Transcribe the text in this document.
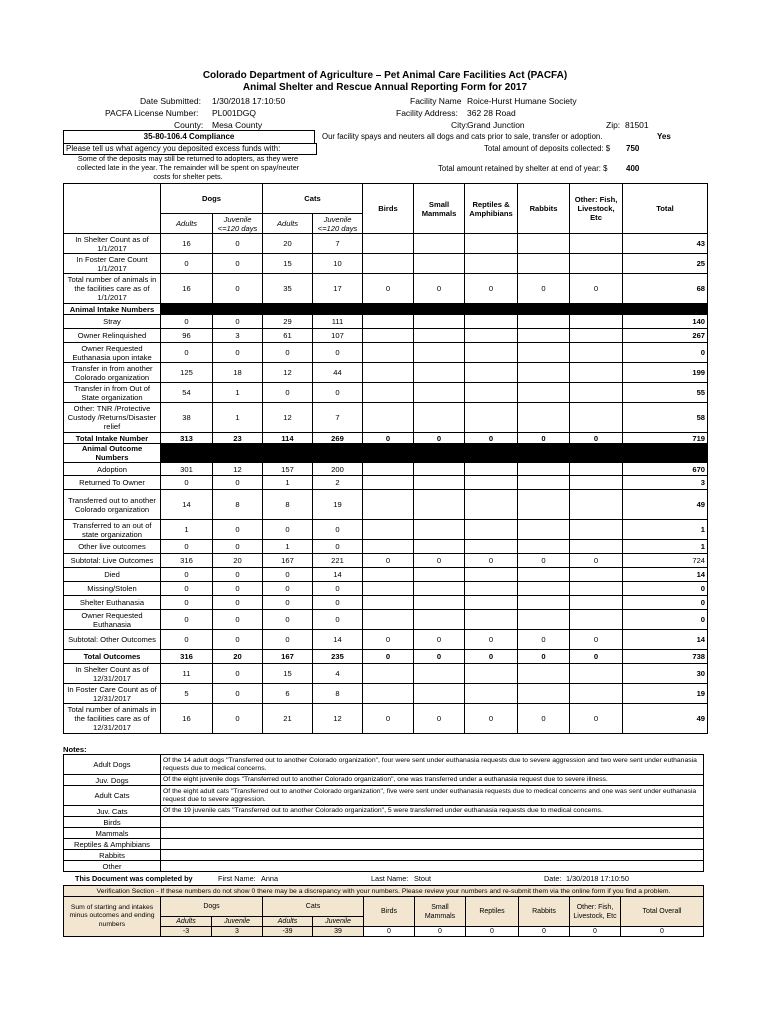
Colorado Department of Agriculture – Pet Animal Care Facilities Act (PACFA)
Animal Shelter and Rescue Annual Reporting Form for 2017
Date Submitted: 1/30/2018 17:10:50
PACFA License Number: PL001DGQ
County: Mesa County
Facility Name Roice-Hurst Humane Society
Facility Address: 362 28 Road
City: Grand Junction	Zip: 81501
35-80-106.4 Compliance
Please tell us what agency you deposited excess funds with:
Some of the deposits may still be returned to adopters, as they were collected late in the year. The remainder will be spent on spay/neuter costs for shelter pets.
Our facility spays and neuters all dogs and cats prior to sale, transfer or adoption.	Yes
Total amount of deposits collected: $ 750
Total amount retained by shelter at end of year: $ 400
	Dogs		Cats		Birds	Small Mammals	Reptiles & Amphibians	Rabbits	Other: Fish, Livestock, Etc	Total
	Adults	Juvenile <=120 days	Adults	Juvenile <=120 days						
In Shelter Count as of 1/1/2017	16	0	20	7						43
In Foster Care Count 1/1/2017	0	0	15	10						25
Total number of animals in the facilities care as of 1/1/2017	16	0	35	17	0	0	0	0	0	68
Animal Intake Numbers										
Stray	0	0	29	111						140
Owner Relinquished	96	3	61	107						267
Owner Requested Euthanasia upon intake	0	0	0	0						0
Transfer in from another Colorado organization	125	18	12	44						199
Transfer in from Out of State organization	54	1	0	0						55
Other: TNR /Protective Custody /Returns/Disaster relief	38	1	12	7						58
Total Intake Number	313	23	114	269	0	0	0	0	0	719
Animal Outcome Numbers										
Adoption	301	12	157	200						670
Returned To Owner	0	0	1	2						3
Transferred out to another Colorado organization	14	8	8	19						49
Transferred to an out of state organization	1	0	0	0						1
Other live outcomes	0	0	1	0						1
Subtotal: Live Outcomes	316	20	167	221	0	0	0	0	0	724
Died	0	0	0	14						14
Missing/Stolen	0	0	0	0						0
Shelter Euthanasia	0	0	0	0						0
Owner Requested Euthanasia	0	0	0	0						0
Subtotal: Other Outcomes	0	0	0	14	0	0	0	0	0	14
Total Outcomes	316	20	167	235	0	0	0	0	0	738
In Shelter Count as of 12/31/2017	11	0	15	4						30
In Foster Care Count as of 12/31/2017	5	0	6	8						19
Total number of animals in the facilities care as of 12/31/2017	16	0	21	12	0	0	0	0	0	49
Notes:
Adult Dogs	Of the 14 adult dogs "Transferred out to another Colorado organization", four were sent under euthanasia requests due to severe aggression and two were sent under euthanasia requests due to medical concerns.
Juv. Dogs	Of the eight juvenile dogs "Transferred out to another Colorado organization", one was transferred under a euthanasia request due to severe illness.
Adult Cats	Of the eight adult cats "Transferred out to another Colorado organization", five were sent under euthanasia requests due to medical concerns and one was sent under euthanasia request due to severe aggression.
Juv. Cats	Of the 19 juvenile cats "Transferred out to another Colorado organization", 5 were transferred under euthanasia requests due to medical concerns.
Birds	
Mammals	
Reptiles & Amphibians	
Rabbits	
Other	
This Document was completed by	First Name: Anna	Last Name: Stout	Date: 1/30/2018 17:10:50
Verification Section - If these numbers do not show 0 there may be a discrepancy with your numbers. Please review your numbers and re-submit them via the online form if you find a problem.										
Sum of starting and intakes minus outcomes and ending numbers	Dogs		Cats		Birds	Small Mammals	Reptiles	Rabbits	Other: Fish, Livestock, Etc	Total Overall
	Adults	Juvenile	Adults	Juvenile						
	-3	3	-39	39	0	0	0	0	0	0
